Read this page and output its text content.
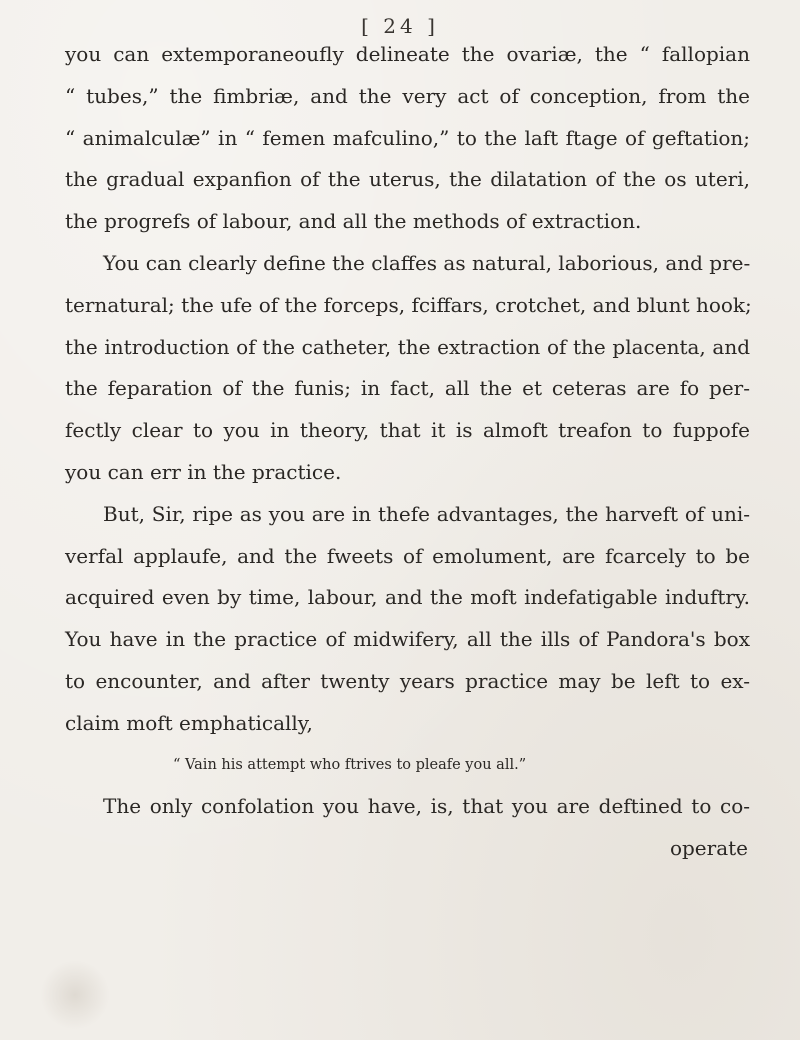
[ 24 ]
you can extemporaneoufly delineate the ovariæ, the “ fallopian
“ tubes,” the fimbriæ, and the very act of conception, from the
“ animalculæ” in “ femen mafculino,” to the laft ftage of geftation;
the gradual expanfion of the uterus, the dilatation of the os uteri,
the progrefs of labour, and all the methods of extraction.
You can clearly define the claffes as natural, laborious, and pre-
ternatural; the ufe of the forceps, fciffars, crotchet, and blunt hook;
the introduction of the catheter, the extraction of the placenta, and
the feparation of the funis; in fact, all the et ceteras are fo per-
fectly clear to you in theory, that it is almoft treafon to fuppofe
you can err in the practice.
But, Sir, ripe as you are in thefe advantages, the harveft of uni-
verfal applaufe, and the fweets of emolument, are fcarcely to be
acquired even by time, labour, and the moft indefatigable induftry.
You have in the practice of midwifery, all the ills of Pandora's box
to encounter, and after twenty years practice may be left to ex-
claim moft emphatically,
“ Vain his attempt who ftrives to pleafe you all.”
The only confolation you have, is, that you are deftined to co-
operate
